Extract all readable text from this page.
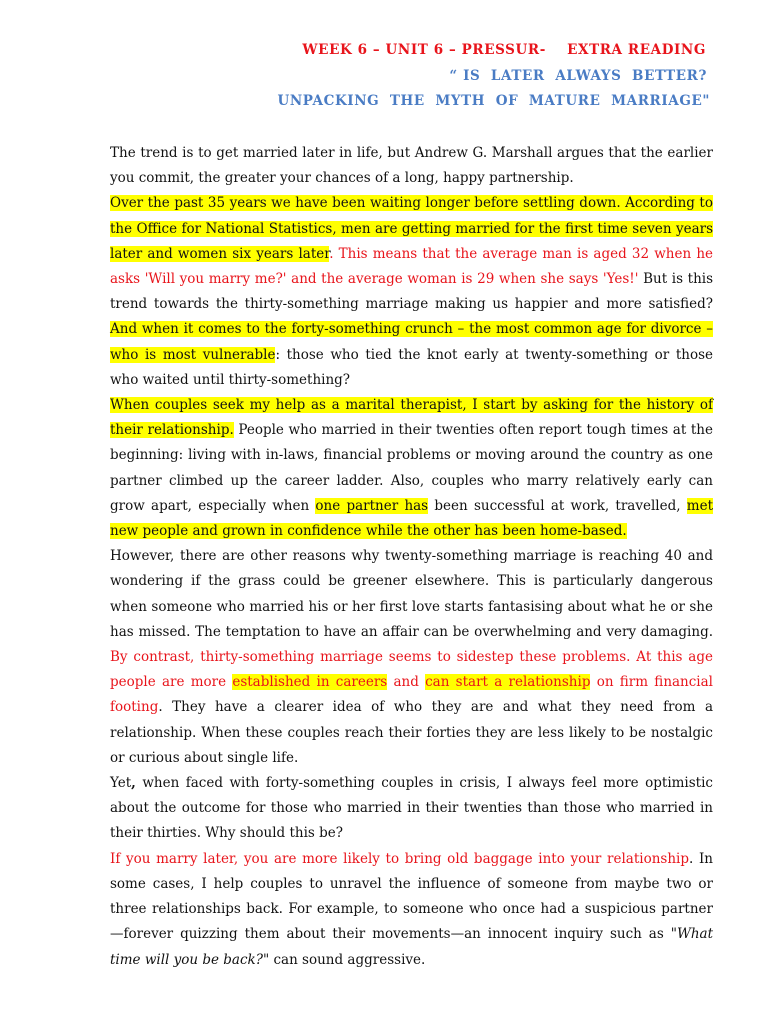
WEEK 6 – UNIT 6 – PRESSUR-    EXTRA READING
“ IS  LATER  ALWAYS  BETTER?
UNPACKING  THE  MYTH  OF  MATURE  MARRIAGE"

The trend is to get married later in life, but Andrew G. Marshall argues that the earlier you commit, the greater your chances of a long, happy partnership.

Over the past 35 years we have been waiting longer before settling down. According to the Office for National Statistics, men are getting married for the first time seven years later and women six years later. This means that the average man is aged 32 when he asks 'Will you marry me?' and the average woman is 29 when she says 'Yes!' But is this trend towards the thirty-something marriage making us happier and more satisfied? And when it comes to the forty-something crunch – the most common age for divorce – who is most vulnerable: those who tied the knot early at twenty-something or those who waited until thirty-something?

When couples seek my help as a marital therapist, I start by asking for the history of their relationship. People who married in their twenties often report tough times at the beginning: living with in-laws, financial problems or moving around the country as one partner climbed up the career ladder. Also, couples who marry relatively early can grow apart, especially when one partner has been successful at work, travelled, met new people and grown in confidence while the other has been home-based.

However, there are other reasons why twenty-something marriage is reaching 40 and wondering if the grass could be greener elsewhere. This is particularly dangerous when someone who married his or her first love starts fantasising about what he or she has missed. The temptation to have an affair can be overwhelming and very damaging. By contrast, thirty-something marriage seems to sidestep these problems. At this age people are more established in careers and can start a relationship on firm financial footing. They have a clearer idea of who they are and what they need from a relationship. When these couples reach their forties they are less likely to be nostalgic or curious about single life.

Yet, when faced with forty-something couples in crisis, I always feel more optimistic about the outcome for those who married in their twenties than those who married in their thirties. Why should this be?

If you marry later, you are more likely to bring old baggage into your relationship. In some cases, I help couples to unravel the influence of someone from maybe two or three relationships back. For example, to someone who once had a suspicious partner—forever quizzing them about their movements—an innocent inquiry such as "What time will you be back?" can sound aggressive.
